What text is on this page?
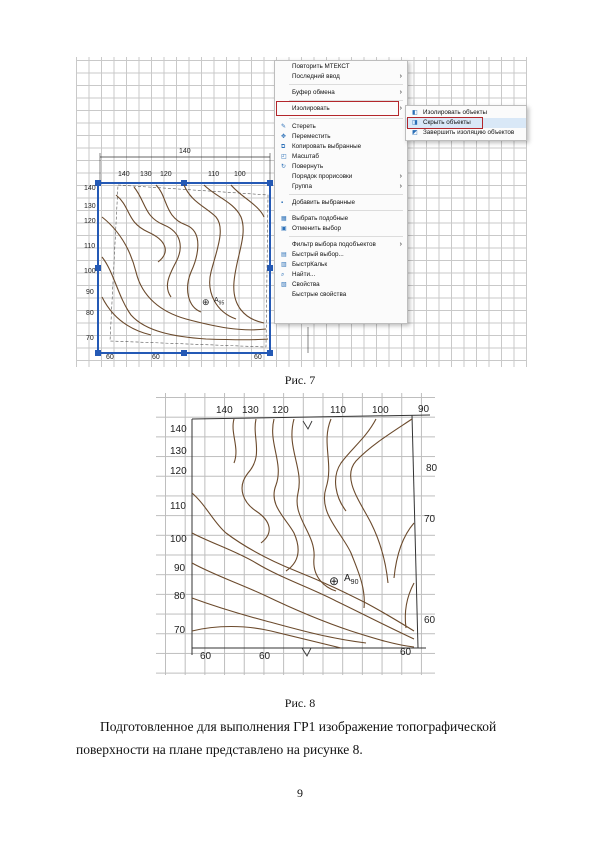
⊕
140
140 130 120	110 100
140
130
120
110
100
90
80
70
60	60	60
$A_{95}$
Повторить МТЕКСТ
Последний ввод	›
Буфер обмена	›
Изолировать	›
✎ Стереть
✥ Переместить
⧉	Копировать выбранные
◰ Масштаб
↻ Повернуть
Порядок прорисовки	›
Группа	›
▪	Добавить выбранные
▦ Выбрать подобные
▣ Отменить выбор
Фильтр выбора подобъектов	›
▤ Быстрый выбор...
▥ БыстрКальк
⌕	Найти...
▧ Свойства
Быстрые свойства
◧ Изолировать объекты
◨ Скрыть объекты
◩ Завершить изоляцию объектов
Рис. 7
⊕
140 130 120	110	100	90
140
130
120
110
100
90
80
70
80
70
60
60	60	60
$A_{90}$
Рис. 8
Подготовленное для выполнения ГР1 изображение топографической
поверхности на плане представлено на рисунке 8.
9
